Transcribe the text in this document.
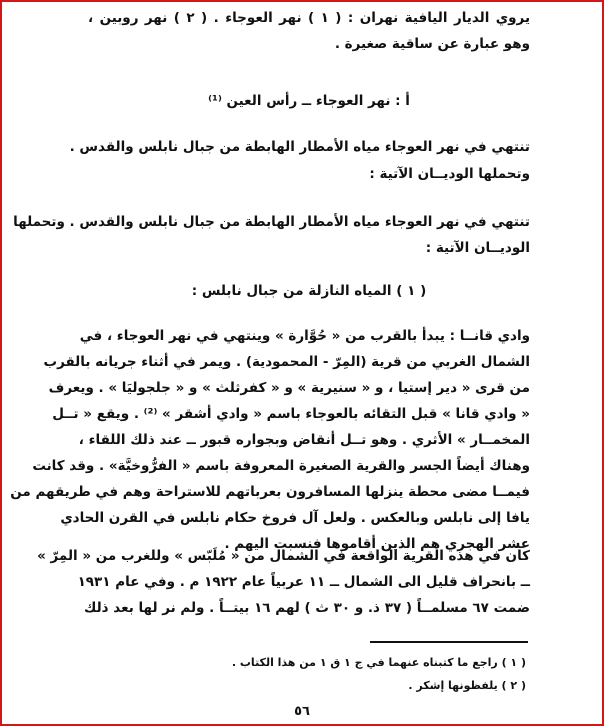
يروي الديار اليافية نهران : ( ١ ) نهر العوجاء . ( ٢ ) نهر روبين ،
وهو عبارة عن ساقية صغيرة .
أ : نهر العوجاء ــ رأس العين ⁽¹⁾
تنتهي في نهر العوجاء مياه الأمطار الهابطة من جبال نابلس والقدس .
وتحملها الوديــان الآتية :
تنتهي في نهر العوجاء مياه الأمطار الهابطة من جبال نابلس والقدس . وتحملها
الوديــان الآتية :
( ١ ) المياه النازلة من جبال نابلس :
وادي قانــا : يبدأ بالقرب من « حُوَّارة » وينتهي في نهر العوجاء ، في
الشمال الغربي من قرية (المِرّ - المحمودية) . ويمر في أثناء جريانه بالقرب
من قرى « دير إستيا ، و « سنيرية » و « كفرثلث » و « جلجوليَا » . ويعرف
« وادي قانا » قبل التقائه بالعوجاء باسم « وادي أشقر » ⁽²⁾ . ويقع « تــل
المخمــار » الأثري . وهو تــل أنقاض وبجواره قبور ــ عند ذلك اللقاء ،
وهناك أيضاً الجسر والقرية الصغيرة المعروفة باسم « الفرُّوخيَّة» . وقد كانت
فيمــا مضى محطة ينزلها المسافرون بعرباتهم للاستراحة وهم في طريقهم من
يافا إلى نابلس وبالعكس . ولعل آل فروخ حكام نابلس في القرن الحادي
عشر الهجري هم الذين أقاموها فنسبت اليهم .
كان في هذه القرية الواقعة في الشمال من « مُلَبّس » وللغرب من « المِرّ »
ــ بانحراف قليل الى الشمال ــ ١١ عربياً عام ١٩٢٢ م . وفي عام ١٩٣١
ضمت ٦٧ مسلمــاً ( ٣٧ ذ. و ٣٠ ث ) لهم ١٦ بيتــاً . ولم نر لها بعد ذلك
( ١ ) راجع ما كتبناه عنهما في ج ١ ق ١ من هذا الكتاب .
( ٢ ) يلفظونها إشكر .
٥٦
